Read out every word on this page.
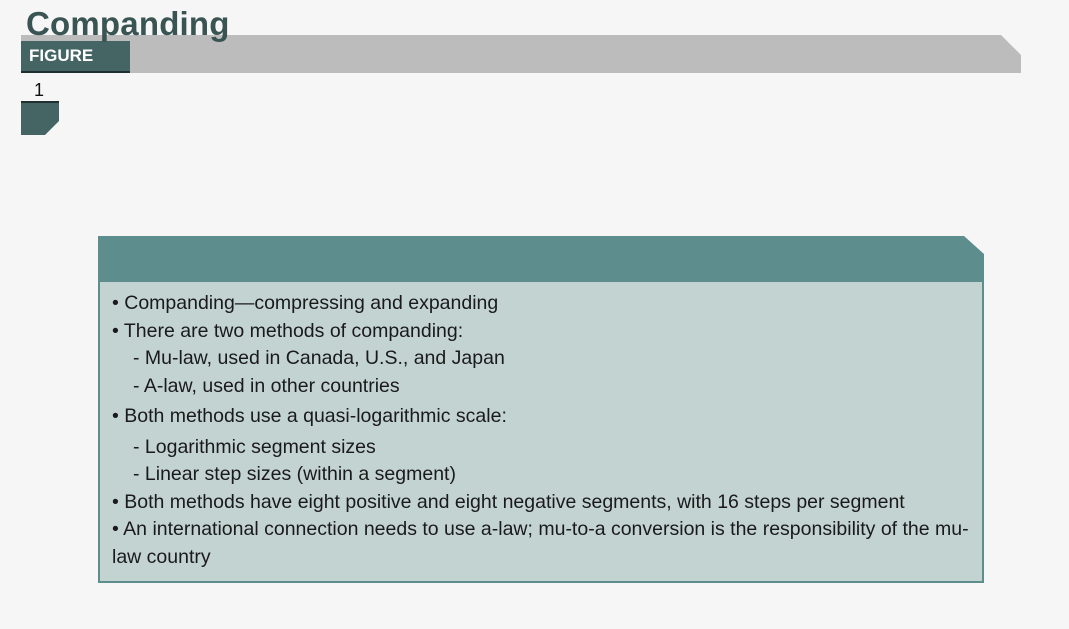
Companding
FIGURE
1
• Companding—compressing and expanding
• There are two methods of companding:
- Mu-law, used in Canada, U.S., and Japan
- A-law, used in other countries
• Both methods use a quasi-logarithmic scale:
- Logarithmic segment sizes
- Linear step sizes (within a segment)
• Both methods have eight positive and eight negative segments, with 16 steps per segment
• An international connection needs to use a-law; mu-to-a conversion is the responsibility of the mu-law country
